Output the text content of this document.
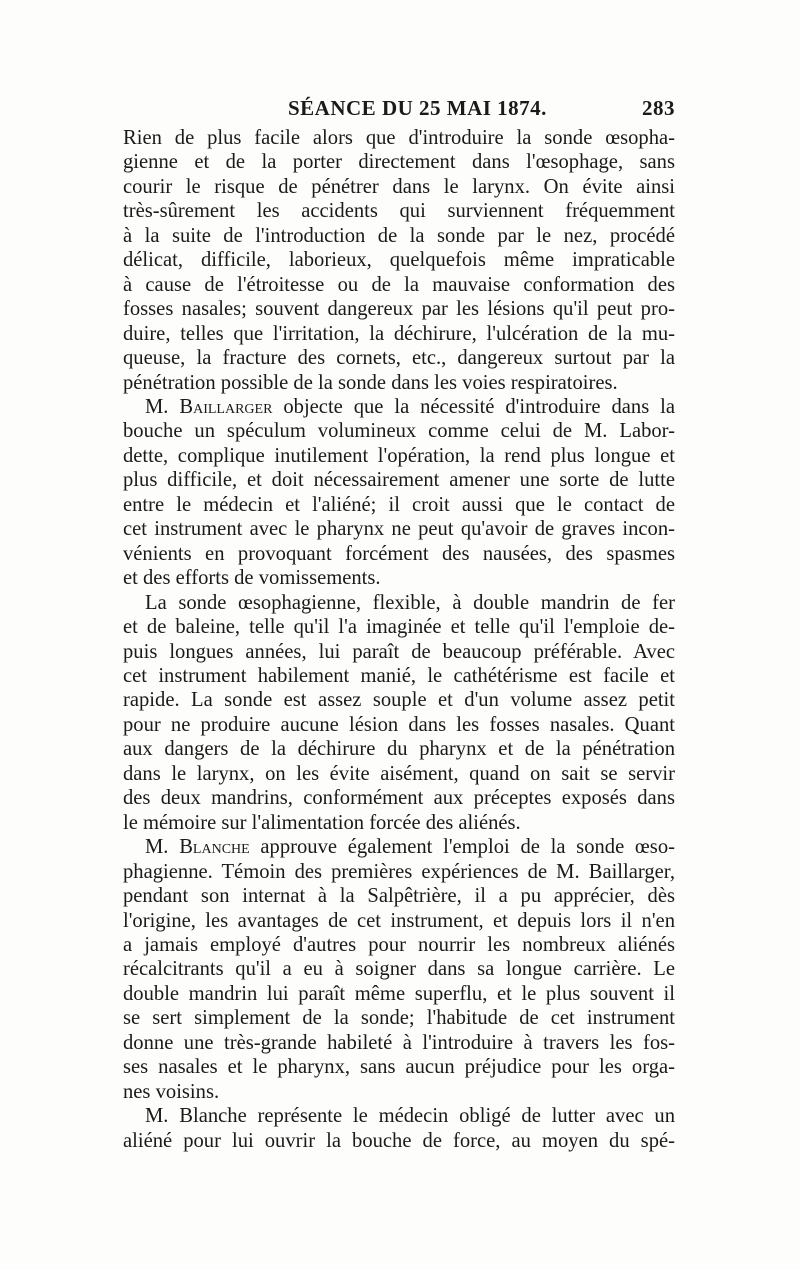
SÉANCE DU 25 MAI 1874.	283
Rien de plus facile alors que d'introduire la sonde œsopha-
gienne et de la porter directement dans l'œsophage, sans
courir le risque de pénétrer dans le larynx. On évite ainsi
très-sûrement les accidents qui surviennent fréquemment
à la suite de l'introduction de la sonde par le nez, procédé
délicat, difficile, laborieux, quelquefois même impraticable
à cause de l'étroitesse ou de la mauvaise conformation des
fosses nasales; souvent dangereux par les lésions qu'il peut pro-
duire, telles que l'irritation, la déchirure, l'ulcération de la mu-
queuse, la fracture des cornets, etc., dangereux surtout par la
pénétration possible de la sonde dans les voies respiratoires.
M. Baillarger objecte que la nécessité d'introduire dans la
bouche un spéculum volumineux comme celui de M. Labor-
dette, complique inutilement l'opération, la rend plus longue et
plus difficile, et doit nécessairement amener une sorte de lutte
entre le médecin et l'aliéné; il croit aussi que le contact de
cet instrument avec le pharynx ne peut qu'avoir de graves incon-
vénients en provoquant forcément des nausées, des spasmes
et des efforts de vomissements.
La sonde œsophagienne, flexible, à double mandrin de fer
et de baleine, telle qu'il l'a imaginée et telle qu'il l'emploie de-
puis longues années, lui paraît de beaucoup préférable. Avec
cet instrument habilement manié, le cathétérisme est facile et
rapide. La sonde est assez souple et d'un volume assez petit
pour ne produire aucune lésion dans les fosses nasales. Quant
aux dangers de la déchirure du pharynx et de la pénétration
dans le larynx, on les évite aisément, quand on sait se servir
des deux mandrins, conformément aux préceptes exposés dans
le mémoire sur l'alimentation forcée des aliénés.
M. Blanche approuve également l'emploi de la sonde œso-
phagienne. Témoin des premières expériences de M. Baillarger,
pendant son internat à la Salpêtrière, il a pu apprécier, dès
l'origine, les avantages de cet instrument, et depuis lors il n'en
a jamais employé d'autres pour nourrir les nombreux aliénés
récalcitrants qu'il a eu à soigner dans sa longue carrière. Le
double mandrin lui paraît même superflu, et le plus souvent il
se sert simplement de la sonde; l'habitude de cet instrument
donne une très-grande habileté à l'introduire à travers les fos-
ses nasales et le pharynx, sans aucun préjudice pour les orga-
nes voisins.
M. Blanche représente le médecin obligé de lutter avec un
aliéné pour lui ouvrir la bouche de force, au moyen du spé-
